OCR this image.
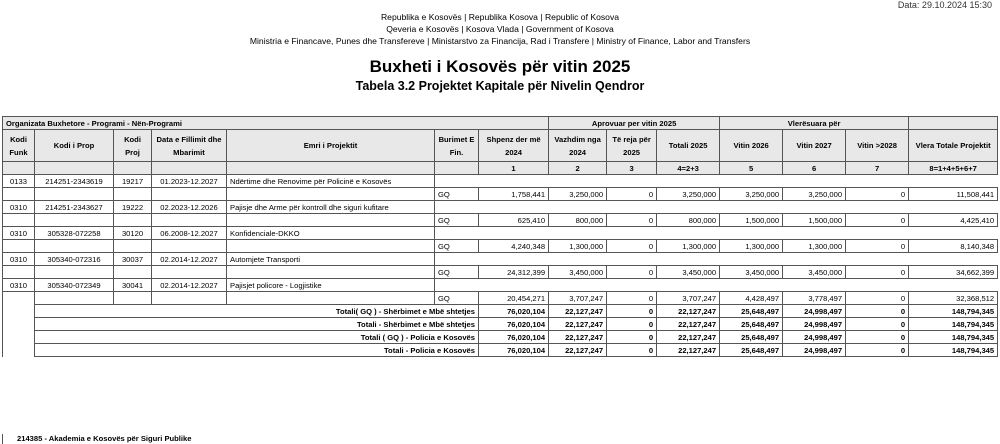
Data: 29.10.2024 15:30
Republika e Kosovës | Republika Kosova | Republic of Kosova
Qeveria e Kosovës | Kosova Vlada | Government of Kosova
Ministria e Financave, Punes dhe Transfereve | Ministarstvo za Financija, Rad i Transfere | Ministry of Finance, Labor and Transfers
Buxheti i Kosovës për vitin 2025
Tabela 3.2 Projektet Kapitale për Nivelin Qendror
Organizata Buxhetore - Programi - Nën-Programi							Aprovuar per vitin 2025			Vlerësuara për			
Kodi Funk	Kodi i Prop	Kodi Proj	Data e Fillimit dhe Mbarimit	Emri i Projektit	Burimet E Fin.	Shpenz der më 2024	Vazhdim nga 2024	Të reja për 2025	Totali 2025	Vitin 2026	Vitin 2027	Vitin >2028	Vlera Totale Projektit
						1	2	3	4=2+3	5	6	7	8=1+4+5+6+7
0133	214251-2343619	19217	01.2023-12.2027	Ndërtime dhe Renovime për Policinë e Kosovës									
					GQ	1,758,441	3,250,000	0	3,250,000	3,250,000	3,250,000	0	11,508,441
0310	214251-2343627	19222	02.2023-12.2026	Pajisje dhe Arme për kontroll dhe siguri kufitare									
					GQ	625,410	800,000	0	800,000	1,500,000	1,500,000	0	4,425,410
0310	305328-072258	30120	06.2008-12.2027	Konfidenciale-DKKO									
					GQ	4,240,348	1,300,000	0	1,300,000	1,300,000	1,300,000	0	8,140,348
0310	305340-072316	30037	02.2014-12.2027	Automjete Transporti									
					GQ	24,312,399	3,450,000	0	3,450,000	3,450,000	3,450,000	0	34,662,399
0310	305340-072349	30041	02.2014-12.2027	Pajisjet policore - Logjistike									
					GQ	20,454,271	3,707,247	0	3,707,247	4,428,497	3,778,497	0	32,368,512
	Totali( GQ ) - Shërbimet e Mbë shtetjes					76,020,104	22,127,247	0	22,127,247	25,648,497	24,998,497	0	148,794,345
	Totali - Shërbimet e Mbë shtetjes					76,020,104	22,127,247	0	22,127,247	25,648,497	24,998,497	0	148,794,345
	Totali ( GQ ) - Policia e Kosovës					76,020,104	22,127,247	0	22,127,247	25,648,497	24,998,497	0	148,794,345
	Totali - Policia e Kosovës					76,020,104	22,127,247	0	22,127,247	25,648,497	24,998,497	0	148,794,345
214385 - Akademia e Kosovës për Siguri Publike
